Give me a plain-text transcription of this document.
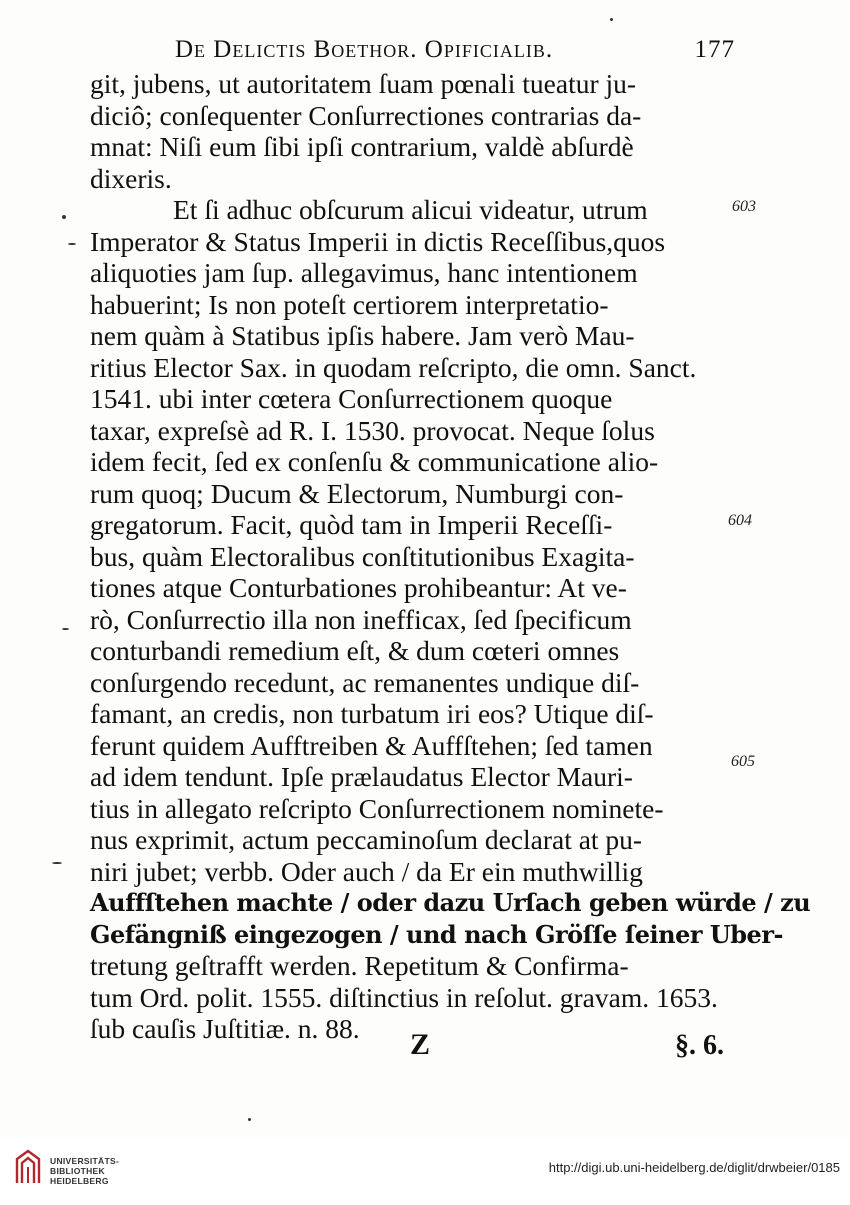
De Delictis Boethor. Opificialib.	177
git, jubens, ut autoritatem ſuam pœnali tueatur ju-
diciô; conſequenter Conſurrectiones contrarias da-
mnat: Niſi eum ſibi ipſi contrarium, valdè abſurdè
dixeris.
Et ſi adhuc obſcurum alicui videatur, utrum
Imperator & Status Imperii in dictis Receſſibus,quos
aliquoties jam ſup. allegavimus, hanc intentionem
habuerint; Is non poteſt certiorem interpretatio-
nem quàm à Statibus ipſis habere. Jam verò Mau-
ritius Elector Sax. in quodam reſcripto, die omn. Sanct.
1541. ubi inter cœtera Conſurrectionem quoque
taxar, expreſsè ad R. I. 1530. provocat. Neque ſolus
idem fecit, ſed ex conſenſu & communicatione alio-
rum quoq; Ducum & Electorum, Numburgi con-
gregatorum. Facit, quòd tam in Imperii Receſſi-
bus, quàm Electoralibus conſtitutionibus Exagita-
tiones atque Conturbationes prohibeantur: At ve-
rò, Conſurrectio illa non inefficax, ſed ſpecificum
conturbandi remedium eſt, & dum cœteri omnes
conſurgendo recedunt, ac remanentes undique diſ-
famant, an credis, non turbatum iri eos? Utique diſ-
ferunt quidem Aufftreiben & Auffſtehen; ſed tamen
ad idem tendunt. Ipſe prælaudatus Elector Mauri-
tius in allegato reſcripto Conſurrectionem nominete-
nus exprimit, actum peccaminoſum declarat at pu-
niri jubet; verbb. Oder auch / da Er ein muthwillig
Auffſtehen machte / oder dazu Urſach geben würde / zu
Gefängniß eingezogen / und nach Gröſſe ſeiner Uber-
tretung geſtrafft werden. Repetitum & Confirma-
tum Ord. polit. 1555. diſtinctius in reſolut. gravam. 1653.
ſub cauſis Juſtitiæ. n. 88.
603
604
605
Z	§. 6.
UNIVERSITÄTS-
BIBLIOTHEK
HEIDELBERG
http://digi.ub.uni-heidelberg.de/diglit/drwbeier/0185
